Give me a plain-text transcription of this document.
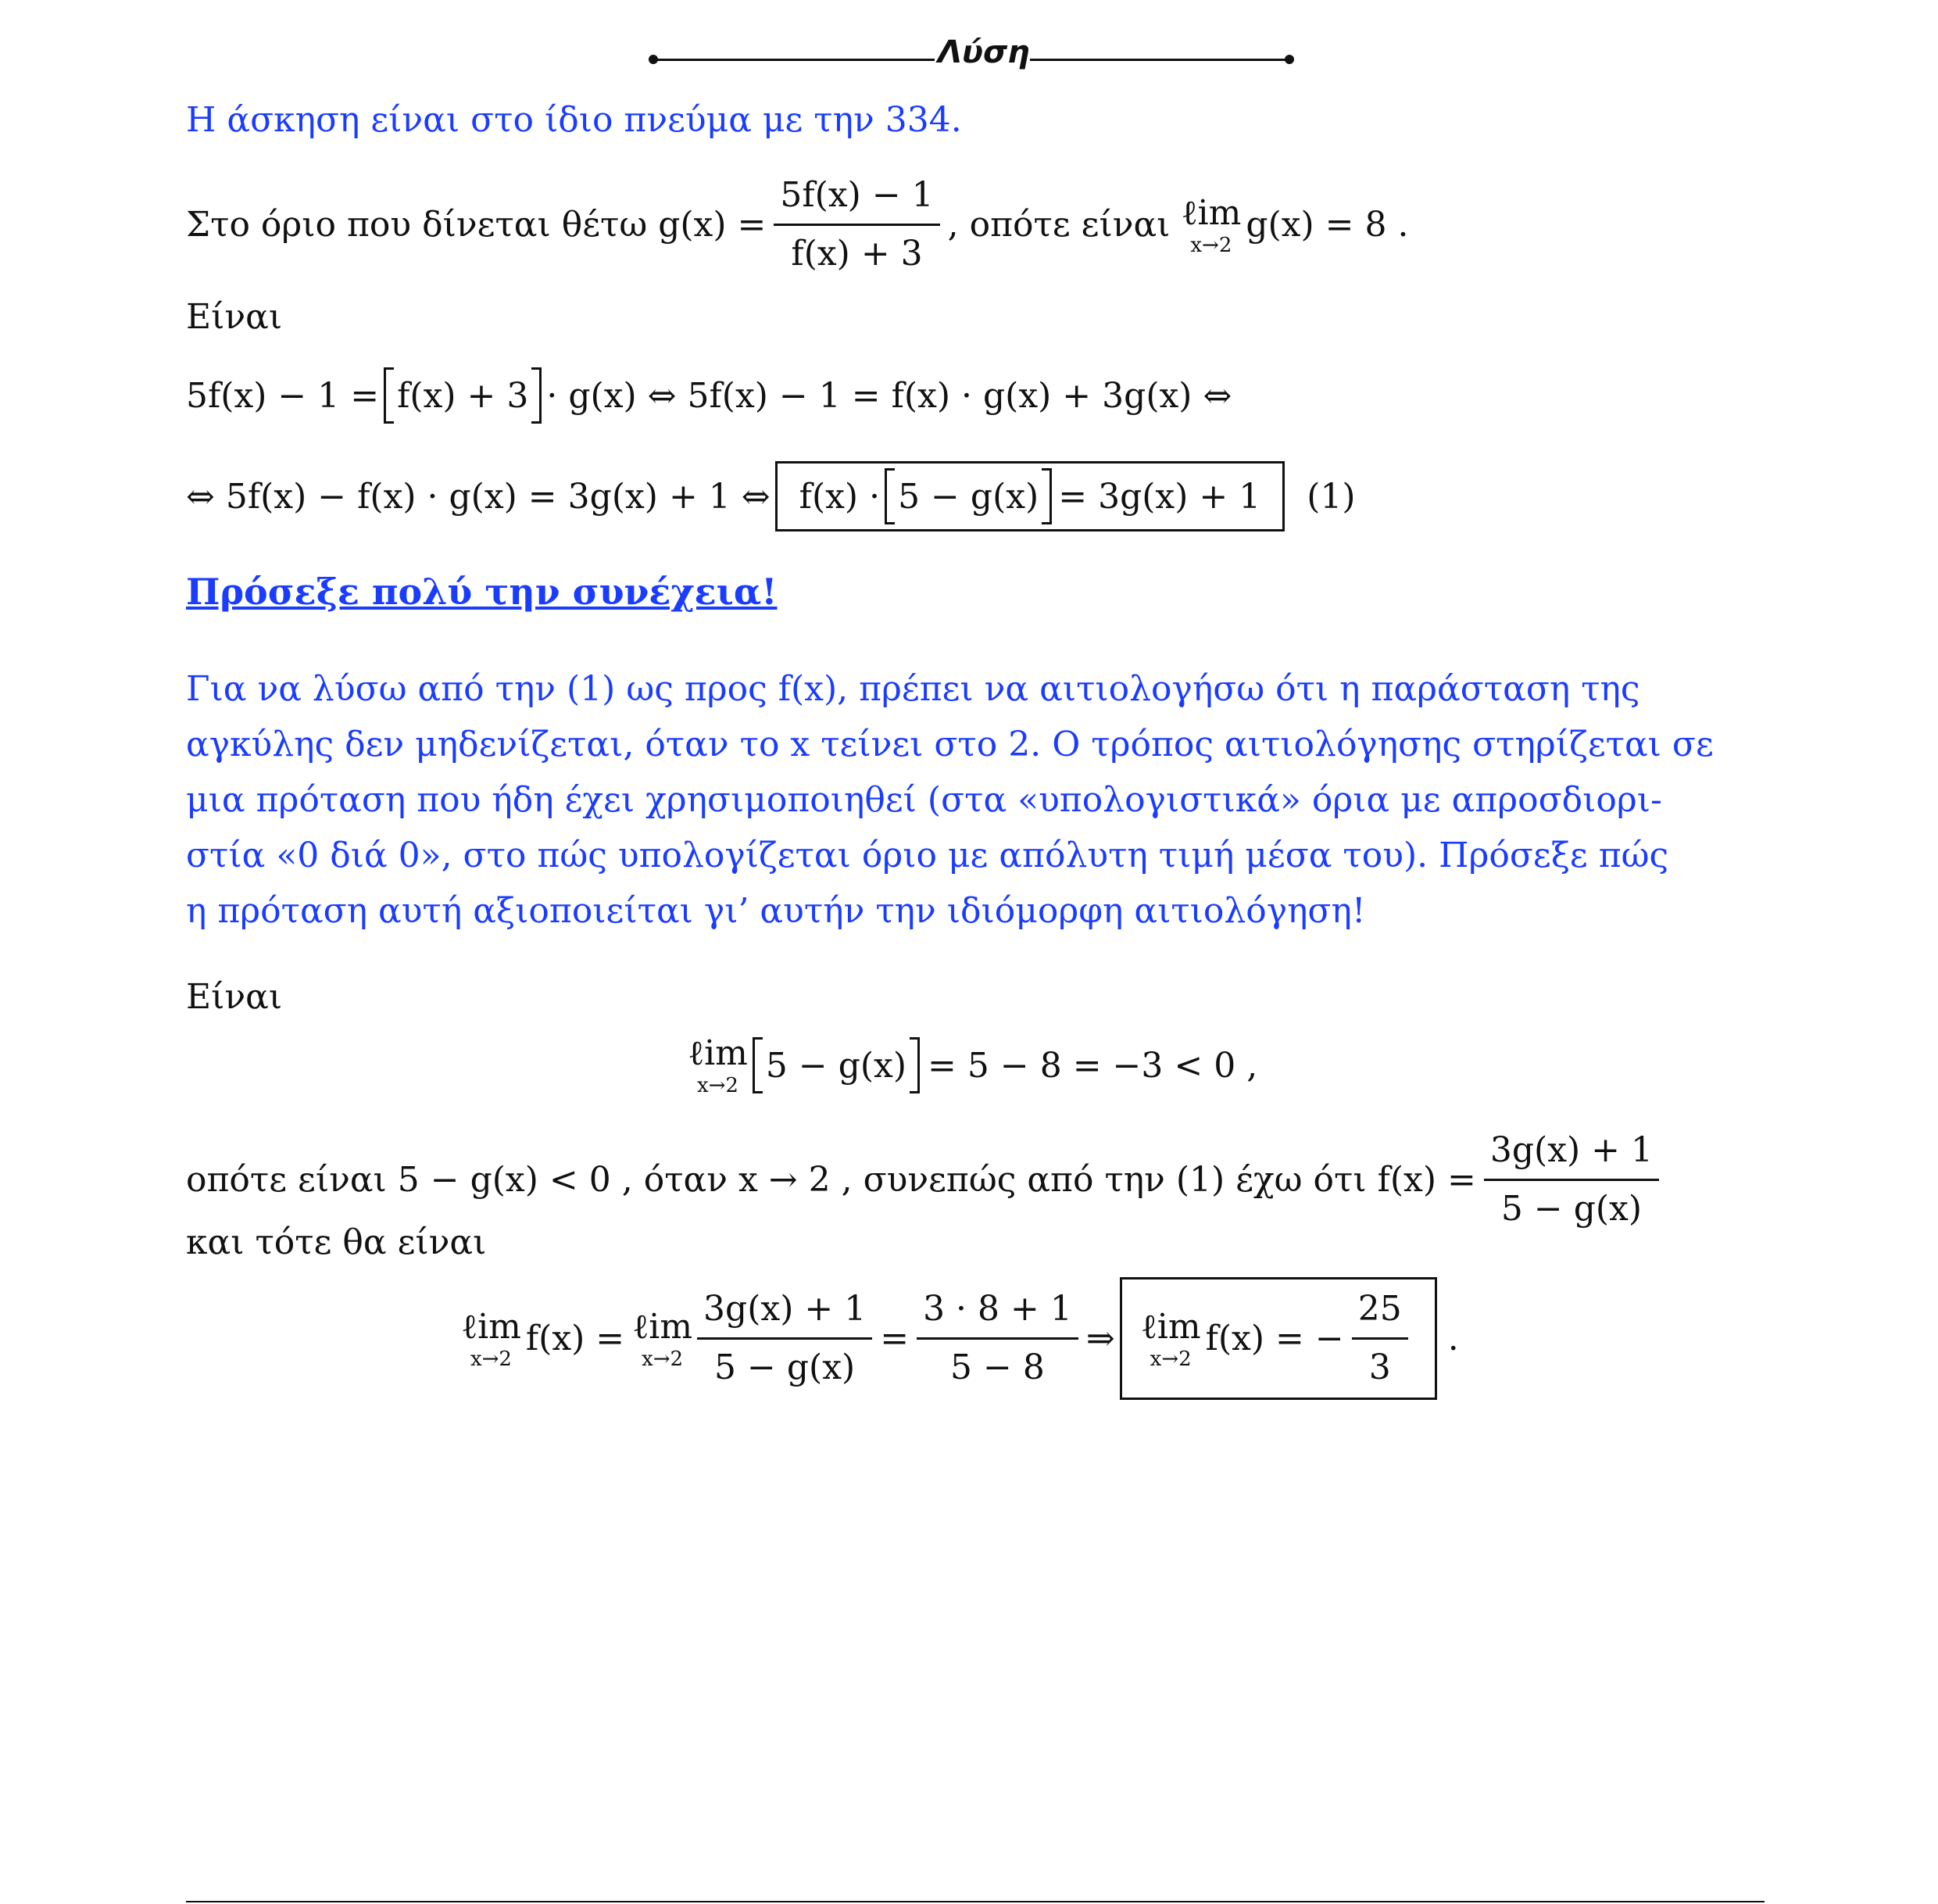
Λύση
Η άσκηση είναι στο ίδιο πνεύμα με την 334.
Στο όριο που δίνεται θέτω $g(x) = \frac{5f(x) - 1}{f(x) + 3}$ , οπότε είναι ℓim
x→2
g(x) = 8 .
Είναι
5f(x) − 1 = f(x) + 3 · g(x) ⇔ 5f(x) − 1 = f(x) · g(x) + 3g(x) ⇔
⇔ 5f(x) − f(x) · g(x) = 3g(x) + 1 ⇔ f(x) · 5 − g(x) = 3g(x) + 1 (1)
Πρόσεξε πολύ την συνέχεια!
Για να λύσω από την (1) ως προς f(x), πρέπει να αιτιολογήσω ότι η παράσταση της
αγκύλης δεν μηδενίζεται, όταν το x τείνει στο 2. Ο τρόπος αιτιολόγησης στηρίζεται σε
μια πρόταση που ήδη έχει χρησιμοποιηθεί (στα «υπολογιστικά» όρια με απροσδιορι-
στία «0 διά 0», στο πώς υπολογίζεται όριο με απόλυτη τιμή μέσα του). Πρόσεξε πώς
η πρόταση αυτή αξιοποιείται γι’ αυτήν την ιδιόμορφη αιτιολόγηση!
Είναι
ℓim
x→2
5 − g(x) = 5 − 8 = −3 < 0 ,
οπότε είναι 5 − g(x) < 0 , όταν x → 2 , συνεπώς από την (1) έχω ότι $f(x) = \frac{3g(x) + 1}{5 - g(x)}$
και τότε θα είναι
ℓim
x→2
f(x) = ℓim
$x\to 2 \frac{3g(x) + 1}{5 - g(x)} = \frac{3 \cdot 8 + 1}{5 - 8}$ ⇒ ℓim
x→2
f(x) = − $\frac{25}{3}$ .
